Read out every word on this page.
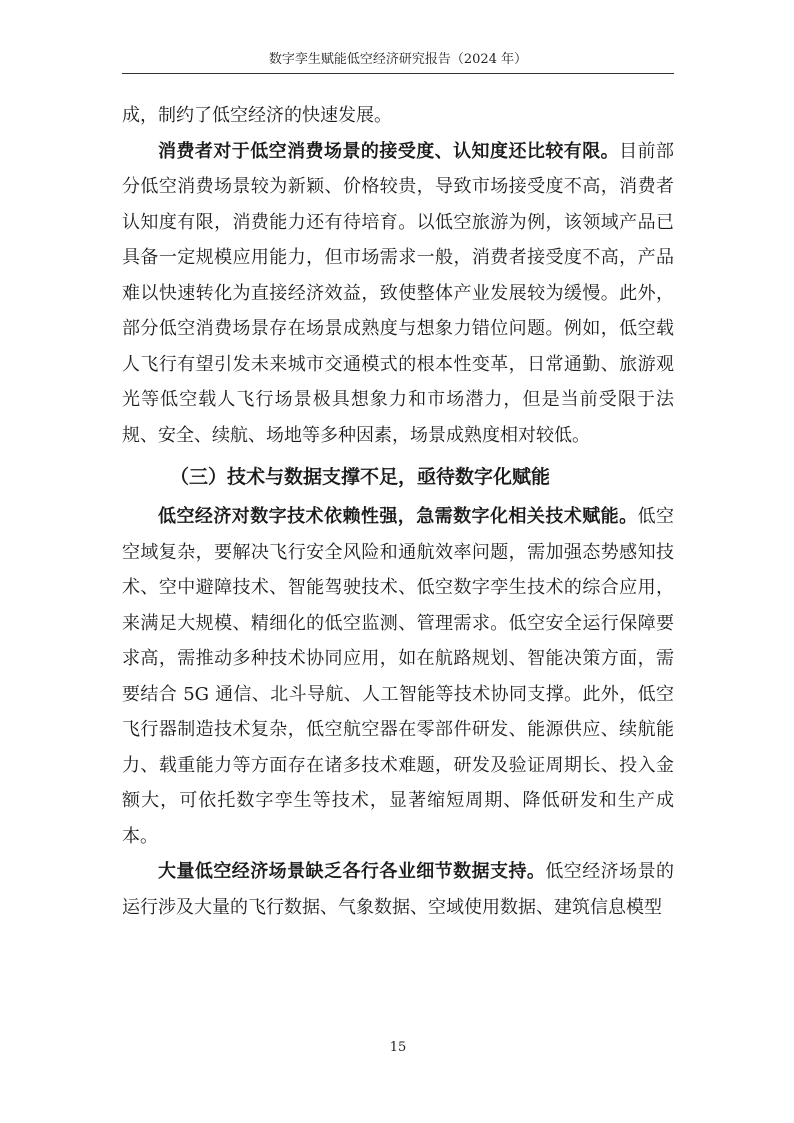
数字孪生赋能低空经济研究报告（2024 年）

成，制约了低空经济的快速发展。

消费者对于低空消费场景的接受度、认知度还比较有限。目前部分低空消费场景较为新颖、价格较贵，导致市场接受度不高，消费者认知度有限，消费能力还有待培育。以低空旅游为例，该领域产品已具备一定规模应用能力，但市场需求一般，消费者接受度不高，产品难以快速转化为直接经济效益，致使整体产业发展较为缓慢。此外，部分低空消费场景存在场景成熟度与想象力错位问题。例如，低空载人飞行有望引发未来城市交通模式的根本性变革，日常通勤、旅游观光等低空载人飞行场景极具想象力和市场潜力，但是当前受限于法规、安全、续航、场地等多种因素，场景成熟度相对较低。

（三）技术与数据支撑不足，亟待数字化赋能

低空经济对数字技术依赖性强，急需数字化相关技术赋能。低空空域复杂，要解决飞行安全风险和通航效率问题，需加强态势感知技术、空中避障技术、智能驾驶技术、低空数字孪生技术的综合应用，来满足大规模、精细化的低空监测、管理需求。低空安全运行保障要求高，需推动多种技术协同应用，如在航路规划、智能决策方面，需要结合 5G 通信、北斗导航、人工智能等技术协同支撑。此外，低空飞行器制造技术复杂，低空航空器在零部件研发、能源供应、续航能力、载重能力等方面存在诸多技术难题，研发及验证周期长、投入金额大，可依托数字孪生等技术，显著缩短周期、降低研发和生产成本。

大量低空经济场景缺乏各行各业细节数据支持。低空经济场景的运行涉及大量的飞行数据、气象数据、空域使用数据、建筑信息模型

15
